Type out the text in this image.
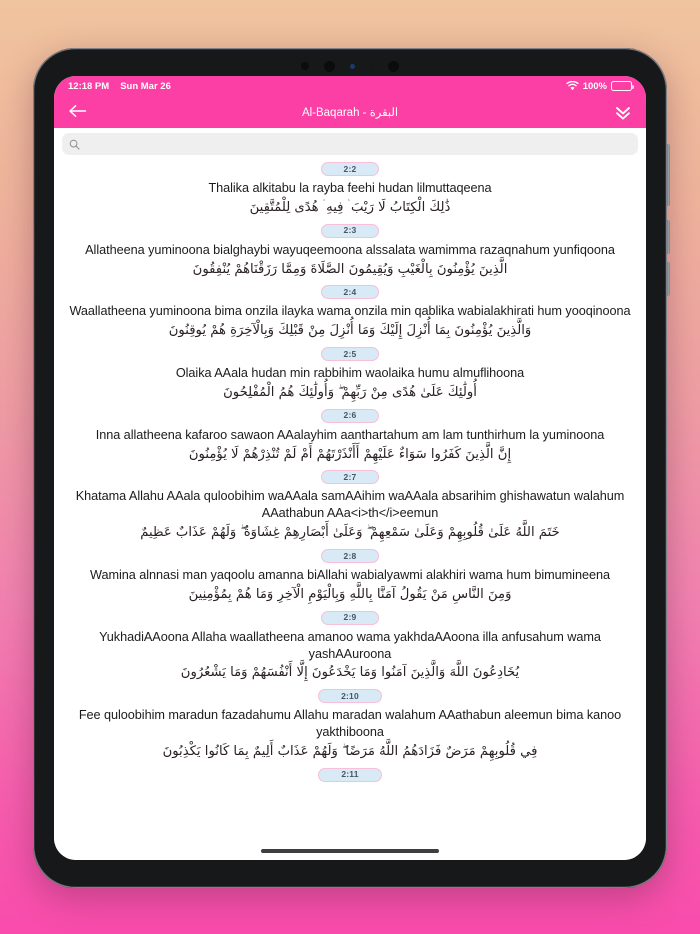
12:18 PM Sun Mar 26	100%
Al-Baqarah - البقرة
2:2
Thalika alkitabu la rayba feehi hudan lilmuttaqeena
ذَٰلِكَ الْكِتَابُ لَا رَيْبَ ۛ فِيهِ ۛ هُدًى لِلْمُتَّقِينَ
2:3
Allatheena yuminoona bialghaybi wayuqeemoona alssalata wamimma razaqnahum yunfiqoona
الَّذِينَ يُؤْمِنُونَ بِالْغَيْبِ وَيُقِيمُونَ الصَّلَاةَ وَمِمَّا رَزَقْنَاهُمْ يُنْفِقُونَ
2:4
Waallatheena yuminoona bima onzila ilayka wama onzila min qablika wabialakhirati hum yooqinoona
وَالَّذِينَ يُؤْمِنُونَ بِمَا أُنْزِلَ إِلَيْكَ وَمَا أُنْزِلَ مِنْ قَبْلِكَ وَبِالْآخِرَةِ هُمْ يُوقِنُونَ
2:5
Olaika AAala hudan min rabbihim waolaika humu almuflihoona
أُولَٰئِكَ عَلَىٰ هُدًى مِنْ رَبِّهِمْ ۖ وَأُولَٰئِكَ هُمُ الْمُفْلِحُونَ
2:6
Inna allatheena kafaroo sawaon AAalayhim aanthartahum am lam tunthirhum la yuminoona
إِنَّ الَّذِينَ كَفَرُوا سَوَاءٌ عَلَيْهِمْ أَأَنْذَرْتَهُمْ أَمْ لَمْ تُنْذِرْهُمْ لَا يُؤْمِنُونَ
2:7
Khatama Allahu AAala quloobihim waAAala samAAihim waAAala absarihim ghishawatun walahum AAathabun AAa<i>th</i>eemun
خَتَمَ اللَّهُ عَلَىٰ قُلُوبِهِمْ وَعَلَىٰ سَمْعِهِمْ ۖ وَعَلَىٰ أَبْصَارِهِمْ غِشَاوَةٌ ۖ وَلَهُمْ عَذَابٌ عَظِيمٌ
2:8
Wamina alnnasi man yaqoolu amanna biAllahi wabialyawmi alakhiri wama hum bimumineena
وَمِنَ النَّاسِ مَنْ يَقُولُ آمَنَّا بِاللَّهِ وَبِالْيَوْمِ الْآخِرِ وَمَا هُمْ بِمُؤْمِنِينَ
2:9
YukhadiAAoona Allaha waallatheena amanoo wama yakhdaAAoona illa anfusahum wama yashAAuroona
يُخَادِعُونَ اللَّهَ وَالَّذِينَ آمَنُوا وَمَا يَخْدَعُونَ إِلَّا أَنْفُسَهُمْ وَمَا يَشْعُرُونَ
2:10
Fee quloobihim maradun fazadahumu Allahu maradan walahum AAathabun aleemun bima kanoo yakthiboona
فِي قُلُوبِهِمْ مَرَضٌ فَزَادَهُمُ اللَّهُ مَرَضًا ۖ وَلَهُمْ عَذَابٌ أَلِيمٌ بِمَا كَانُوا يَكْذِبُونَ
2:11
